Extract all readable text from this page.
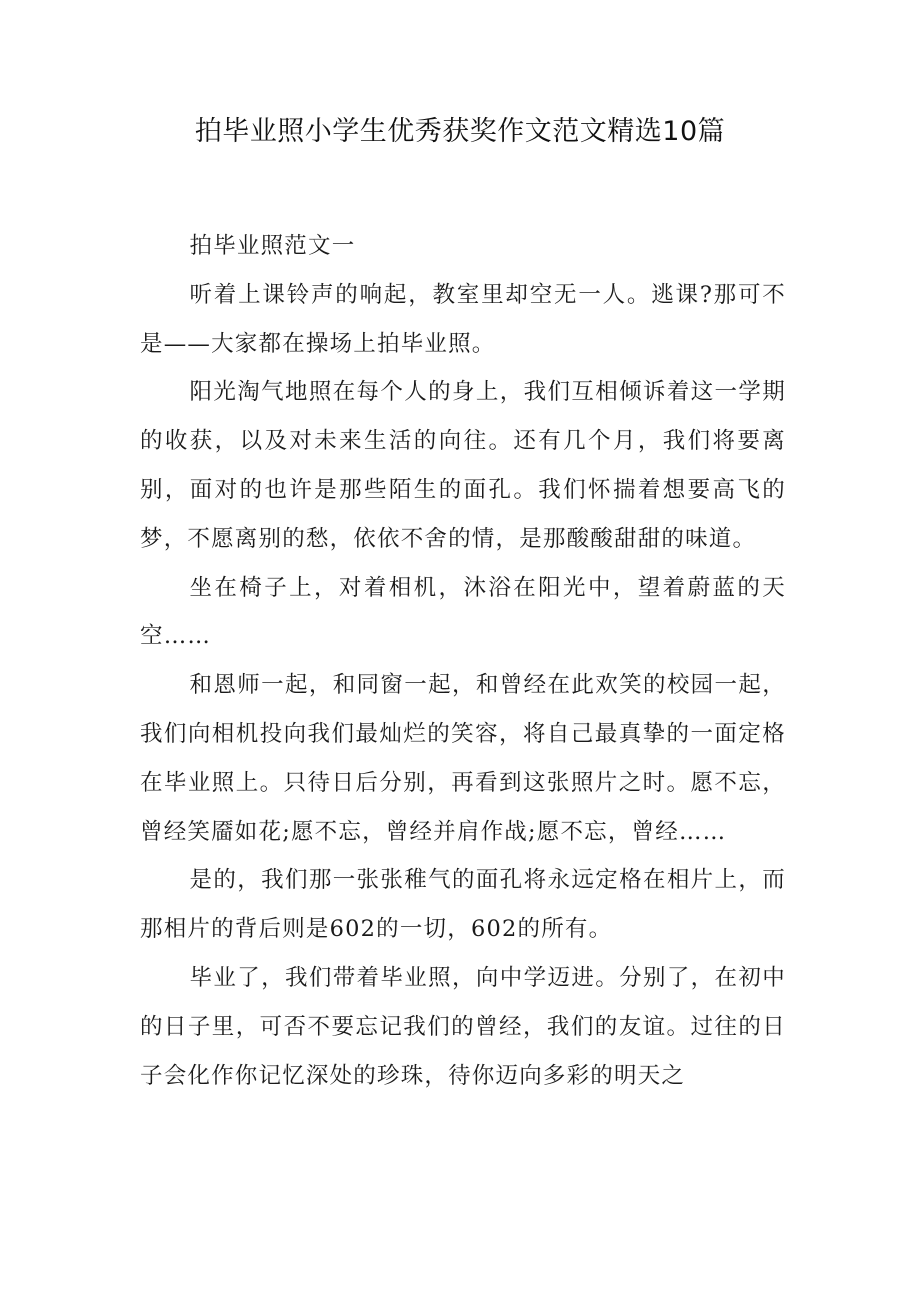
拍毕业照小学生优秀获奖作文范文精选10篇

拍毕业照范文一

听着上课铃声的响起，教室里却空无一人。逃课?那可不是——大家都在操场上拍毕业照。

阳光淘气地照在每个人的身上，我们互相倾诉着这一学期的收获，以及对未来生活的向往。还有几个月，我们将要离别，面对的也许是那些陌生的面孔。我们怀揣着想要高飞的梦，不愿离别的愁，依依不舍的情，是那酸酸甜甜的味道。

坐在椅子上，对着相机，沐浴在阳光中，望着蔚蓝的天空……

和恩师一起，和同窗一起，和曾经在此欢笑的校园一起，我们向相机投向我们最灿烂的笑容，将自己最真挚的一面定格在毕业照上。只待日后分别，再看到这张照片之时。愿不忘，曾经笑靥如花;愿不忘，曾经并肩作战;愿不忘，曾经……

是的，我们那一张张稚气的面孔将永远定格在相片上，而那相片的背后则是602的一切，602的所有。

毕业了，我们带着毕业照，向中学迈进。分别了，在初中的日子里，可否不要忘记我们的曾经，我们的友谊。过往的日子会化作你记忆深处的珍珠，待你迈向多彩的明天之
